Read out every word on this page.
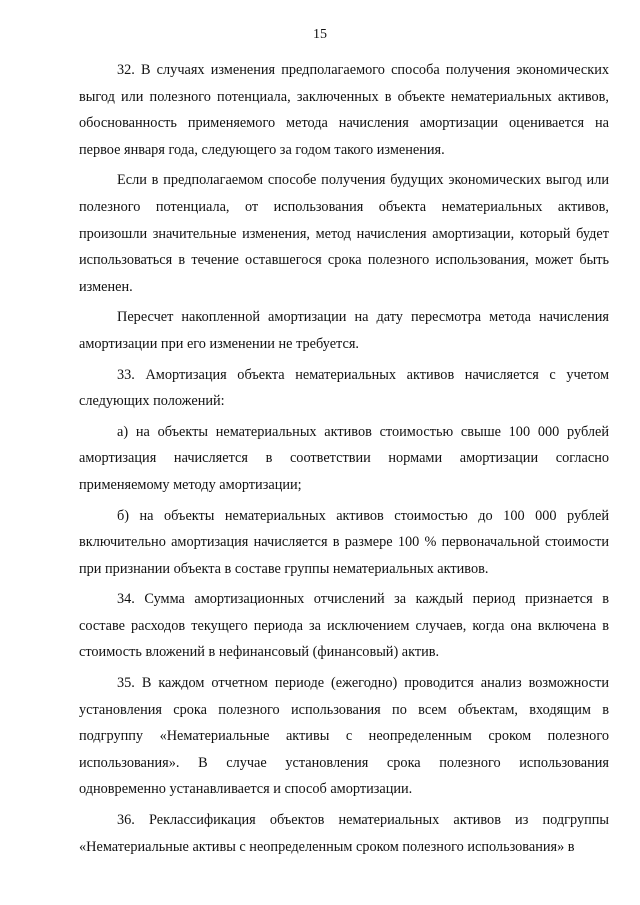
15

32. В случаях изменения предполагаемого способа получения экономических выгод или полезного потенциала, заключенных в объекте нематериальных активов, обоснованность применяемого метода начисления амортизации оценивается на первое января года, следующего за годом такого изменения.

Если в предполагаемом способе получения будущих экономических выгод или полезного потенциала, от использования объекта нематериальных активов, произошли значительные изменения, метод начисления амортизации, который будет использоваться в течение оставшегося срока полезного использования, может быть изменен.

Пересчет накопленной амортизации на дату пересмотра метода начисления амортизации при его изменении не требуется.

33. Амортизация объекта нематериальных активов начисляется с учетом следующих положений:

а) на объекты нематериальных активов стоимостью свыше 100 000 рублей амортизация начисляется в соответствии нормами амортизации согласно применяемому методу амортизации;

б) на объекты нематериальных активов стоимостью до 100 000 рублей включительно амортизация начисляется в размере 100 % первоначальной стоимости при признании объекта в составе группы нематериальных активов.

34. Сумма амортизационных отчислений за каждый период признается в составе расходов текущего периода за исключением случаев, когда она включена в стоимость вложений в нефинансовый (финансовый) актив.

35. В каждом отчетном периоде (ежегодно) проводится анализ возможности установления срока полезного использования по всем объектам, входящим в подгруппу «Нематериальные активы с неопределенным сроком полезного использования». В случае установления срока полезного использования одновременно устанавливается и способ амортизации.

36. Реклассификация объектов нематериальных активов из подгруппы «Нематериальные активы с неопределенным сроком полезного использования» в
